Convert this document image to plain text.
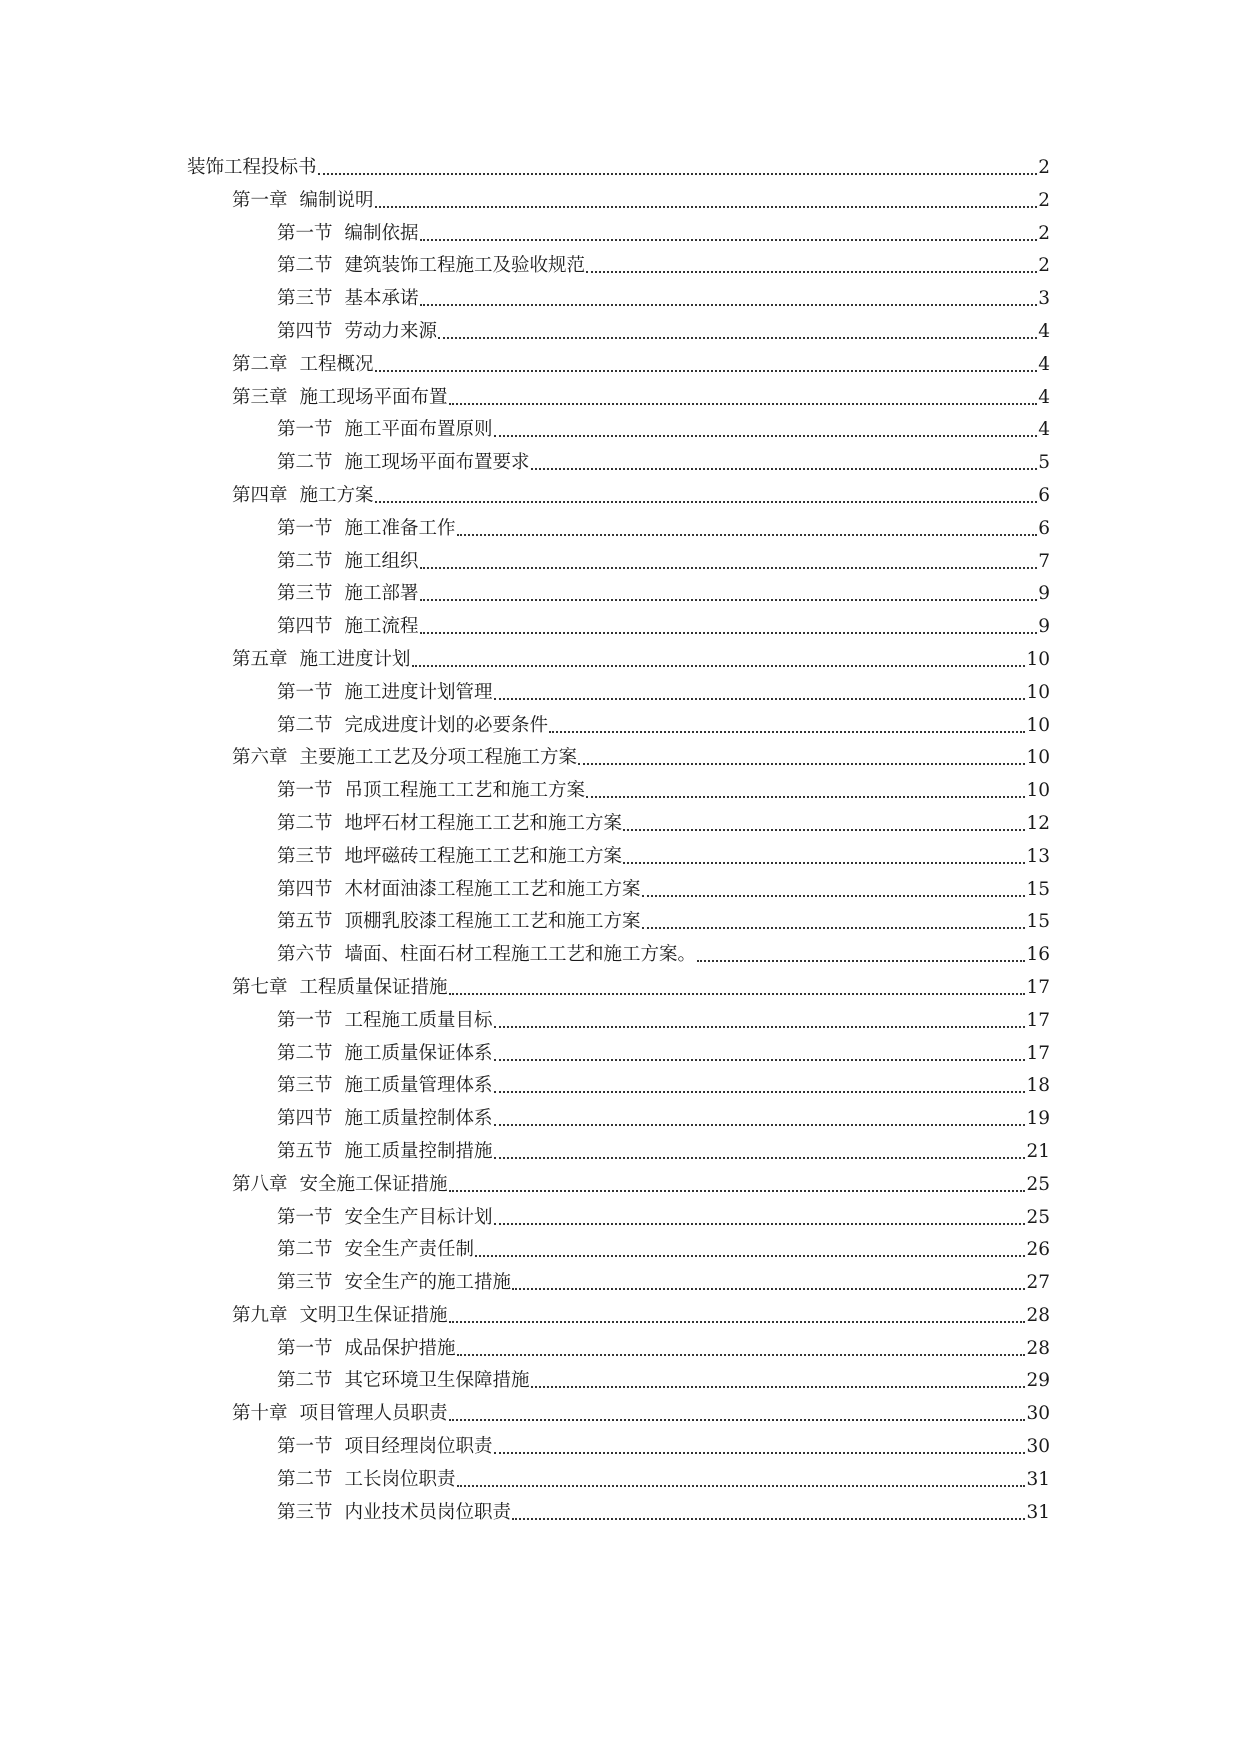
装饰工程投标书	2
第一章 编制说明	2
第一节 编制依据	2
第二节 建筑装饰工程施工及验收规范	2
第三节 基本承诺	3
第四节 劳动力来源	4
第二章 工程概况	4
第三章 施工现场平面布置	4
第一节 施工平面布置原则	4
第二节 施工现场平面布置要求	5
第四章 施工方案	6
第一节 施工准备工作	6
第二节 施工组织	7
第三节 施工部署	9
第四节 施工流程	9
第五章 施工进度计划	10
第一节 施工进度计划管理	10
第二节 完成进度计划的必要条件	10
第六章 主要施工工艺及分项工程施工方案	10
第一节 吊顶工程施工工艺和施工方案	10
第二节 地坪石材工程施工工艺和施工方案	12
第三节 地坪磁砖工程施工工艺和施工方案	13
第四节 木材面油漆工程施工工艺和施工方案	15
第五节 顶棚乳胶漆工程施工工艺和施工方案	15
第六节 墙面、柱面石材工程施工工艺和施工方案。	16
第七章 工程质量保证措施	17
第一节 工程施工质量目标	17
第二节 施工质量保证体系	17
第三节 施工质量管理体系	18
第四节 施工质量控制体系	19
第五节 施工质量控制措施	21
第八章 安全施工保证措施	25
第一节 安全生产目标计划	25
第二节 安全生产责任制	26
第三节 安全生产的施工措施	27
第九章 文明卫生保证措施	28
第一节 成品保护措施	28
第二节 其它环境卫生保障措施	29
第十章 项目管理人员职责	30
第一节 项目经理岗位职责	30
第二节 工长岗位职责	31
第三节 内业技术员岗位职责	31
